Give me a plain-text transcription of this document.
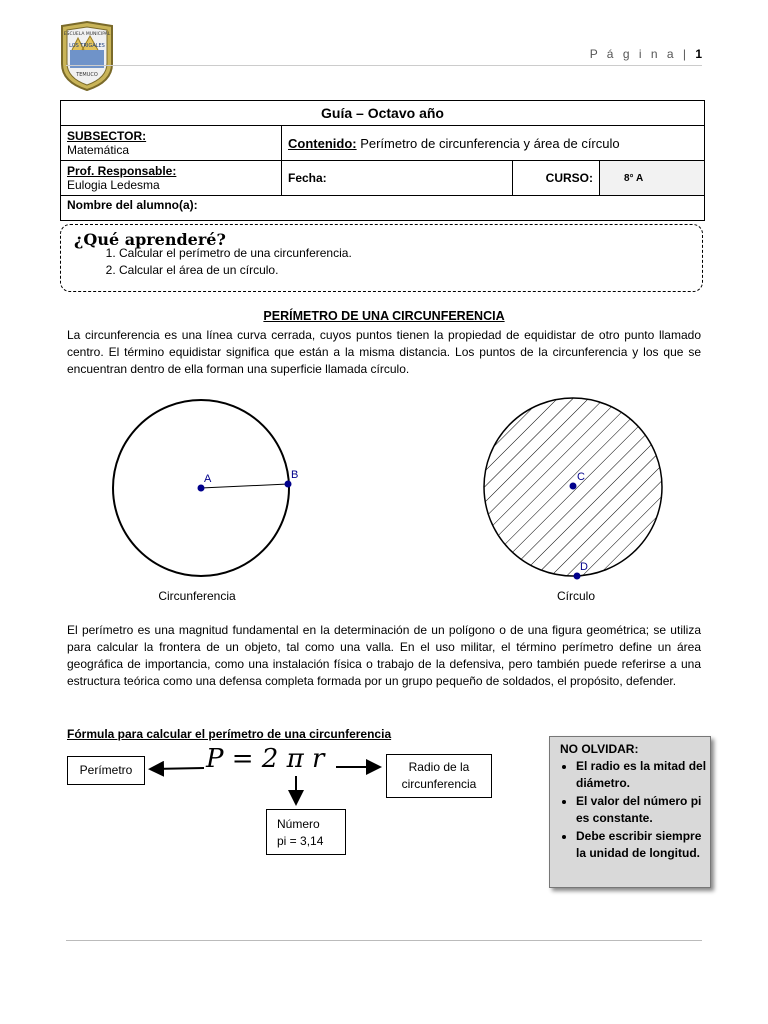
ESCUELA MUNICIPAL
LOS TRIGALES
TEMUCO
P á g i n a | 1
Guía – Octavo año			

SUBSECTOR:
Matemática	Contenido: Perímetro de circunferencia y área de círculo		

Prof. Responsable:
Eulogia Ledesma	Fecha:	CURSO:	8° A
Nombre del alumno(a):			
1. Calcular el perímetro de una circunferencia.
2. Calcular el área de un círculo.
¿Qué aprenderé?
PERÍMETRO DE UNA CIRCUNFERENCIA
La circunferencia es una línea curva cerrada, cuyos puntos tienen la propiedad de equidistar de otro punto llamado centro. El término equidistar significa que están a la misma distancia. Los puntos de la circunferencia y los que se encuentran dentro de ella forman una superficie llamada círculo.
A	B	C
D
Circunferencia	Círculo
El perímetro es una magnitud fundamental en la determinación de un polígono o de una figura geométrica; se utiliza para calcular la frontera de un objeto, tal como una valla. En el uso militar, el término perímetro define un área geográfica de importancia, como una instalación física o trabajo de la defensiva, pero también puede referirse a una estructura teórica como una defensa completa formada por un grupo pequeño de soldados, el propósito, defender.
Fórmula para calcular el perímetro de una circunferencia
Perímetro	P = 2 π r	Radio de la circunferencia
Número
pi = 3,14
NO OLVIDAR:
• El radio es la mitad del diámetro.
• El valor del número pi es constante.
• Debe escribir siempre la unidad de longitud.
